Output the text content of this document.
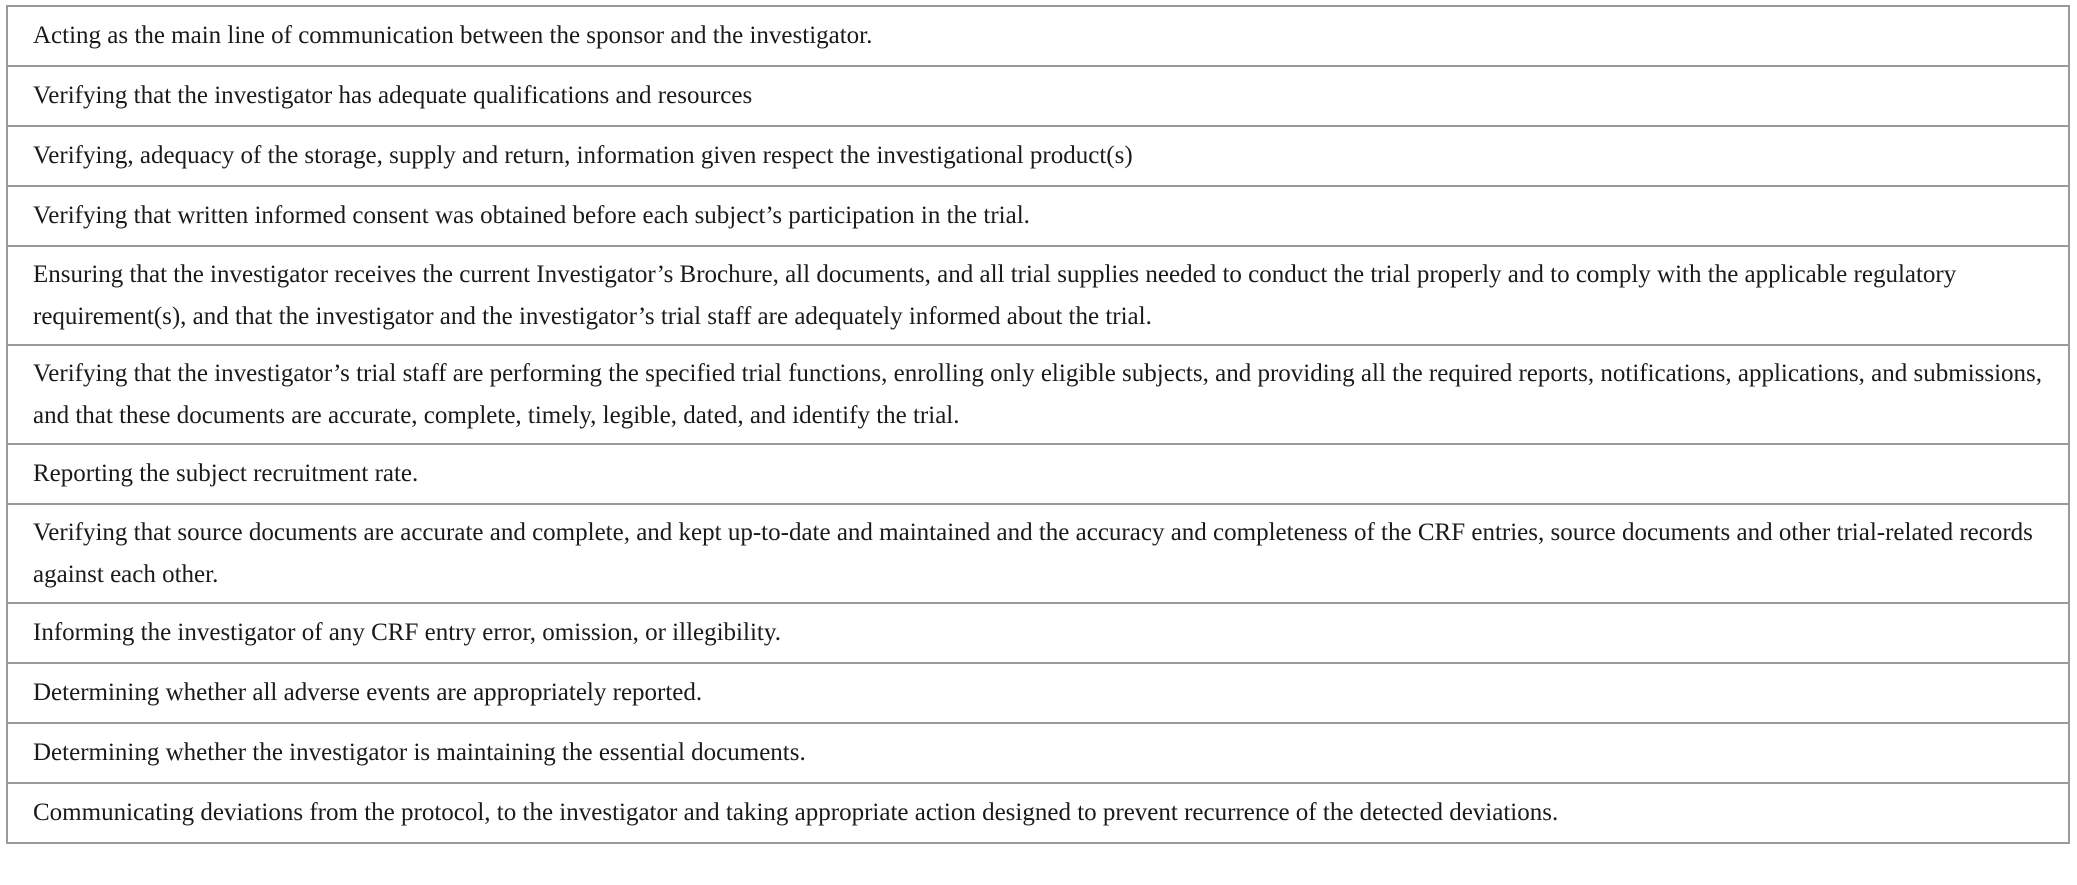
Acting as the main line of communication between the sponsor and the investigator.
Verifying that the investigator has adequate qualifications and resources
Verifying, adequacy of the storage, supply and return, information given respect the investigational product(s)
Verifying that written informed consent was obtained before each subject’s participation in the trial.
Ensuring that the investigator receives the current Investigator’s Brochure, all documents, and all trial supplies needed to conduct the trial properly and to comply with the applicable regulatory requirement(s), and that the investigator and the investigator’s trial staff are adequately informed about the trial.
Verifying that the investigator’s trial staff are performing the specified trial functions, enrolling only eligible subjects, and providing all the required reports, notifications, applications, and submissions, and that these documents are accurate, complete, timely, legible, dated, and identify the trial.
Reporting the subject recruitment rate.
Verifying that source documents are accurate and complete, and kept up-to-date and maintained and the accuracy and completeness of the CRF entries, source documents and other trial-related records against each other.
Informing the investigator of any CRF entry error, omission, or illegibility.
Determining whether all adverse events are appropriately reported.
Determining whether the investigator is maintaining the essential documents.
Communicating deviations from the protocol, to the investigator and taking appropriate action designed to prevent recurrence of the detected deviations.
